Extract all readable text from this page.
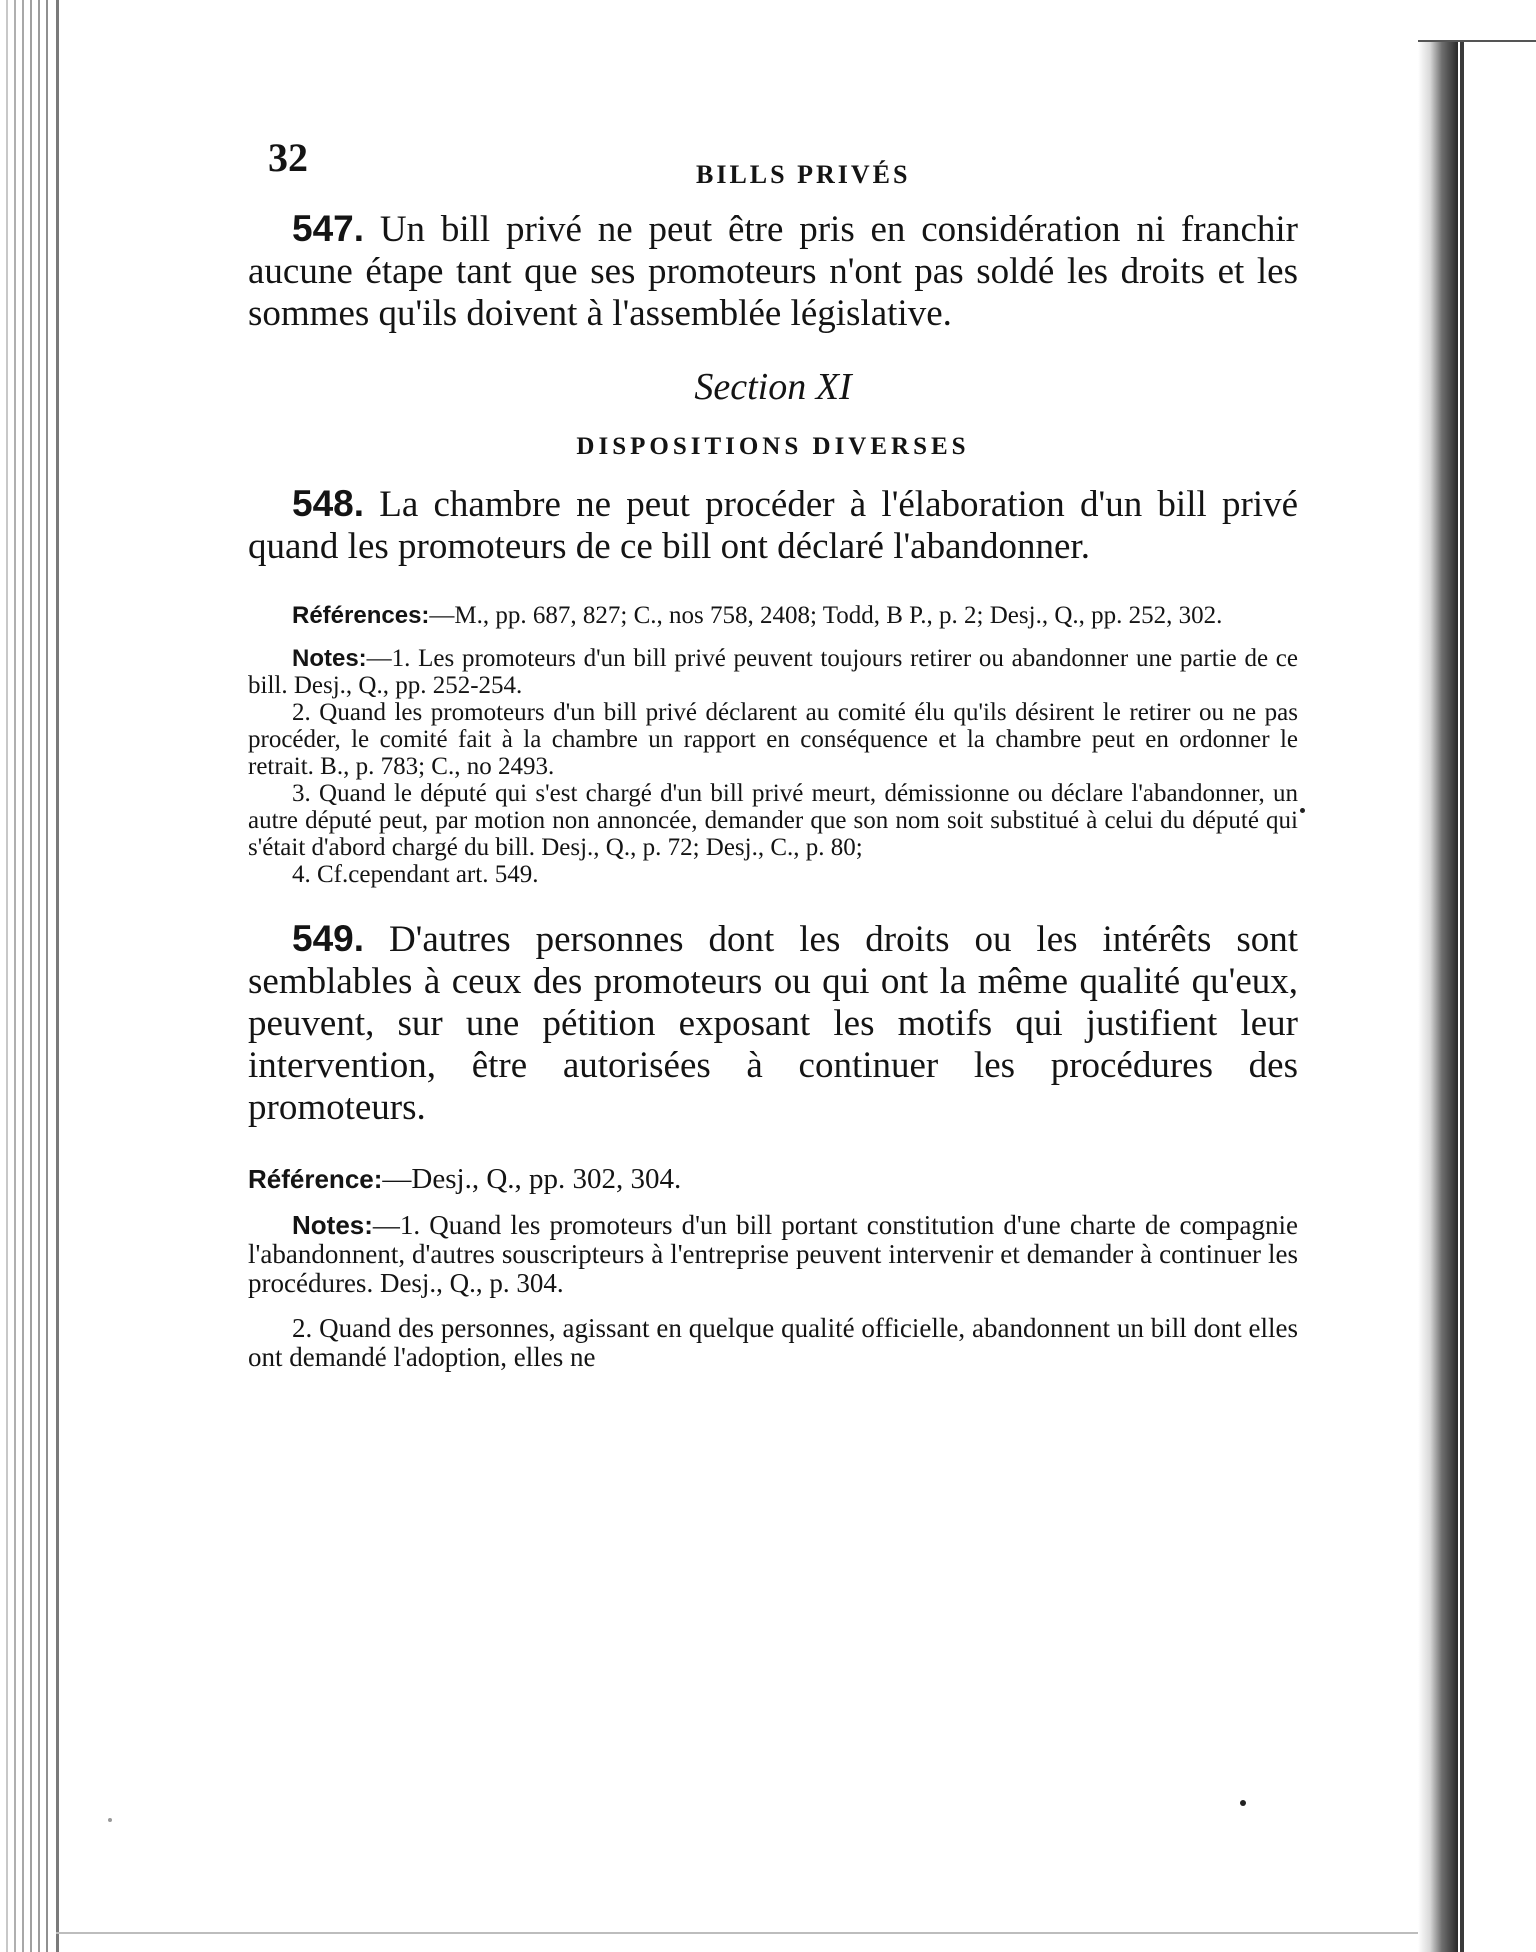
32	BILLS PRIVÉS

547. Un bill privé ne peut être pris en considération ni franchir aucune étape tant que ses promoteurs n'ont pas soldé les droits et les sommes qu'ils doivent à l'assemblée législative.

Section XI
DISPOSITIONS DIVERSES

548. La chambre ne peut procéder à l'élaboration d'un bill privé quand les promoteurs de ce bill ont déclaré l'abandonner.

Références:—M., pp. 687, 827; C., nos 758, 2408; Todd, B P., p. 2; Desj., Q., pp. 252, 302.

Notes:—1. Les promoteurs d'un bill privé peuvent toujours retirer ou abandonner une partie de ce bill. Desj., Q., pp. 252-254.

2. Quand les promoteurs d'un bill privé déclarent au comité élu qu'ils désirent le retirer ou ne pas procéder, le comité fait à la chambre un rapport en conséquence et la chambre peut en ordonner le retrait. B., p. 783; C., no 2493.

3. Quand le député qui s'est chargé d'un bill privé meurt, démissionne ou déclare l'abandonner, un autre député peut, par motion non annoncée, demander que son nom soit substitué à celui du député qui s'était d'abord chargé du bill. Desj., Q., p. 72; Desj., C., p. 80;

4. Cf.cependant art. 549.

549. D'autres personnes dont les droits ou les intérêts sont semblables à ceux des promoteurs ou qui ont la même qualité qu'eux, peuvent, sur une pétition exposant les motifs qui justifient leur intervention, être autorisées à continuer les procédures des promoteurs.

Référence:—Desj., Q., pp. 302, 304.

Notes:—1. Quand les promoteurs d'un bill portant constitution d'une charte de compagnie l'abandonnent, d'autres souscripteurs à l'entreprise peuvent intervenir et demander à continuer les procédures. Desj., Q., p. 304.

2. Quand des personnes, agissant en quelque qualité officielle, abandonnent un bill dont elles ont demandé l'adoption, elles ne
